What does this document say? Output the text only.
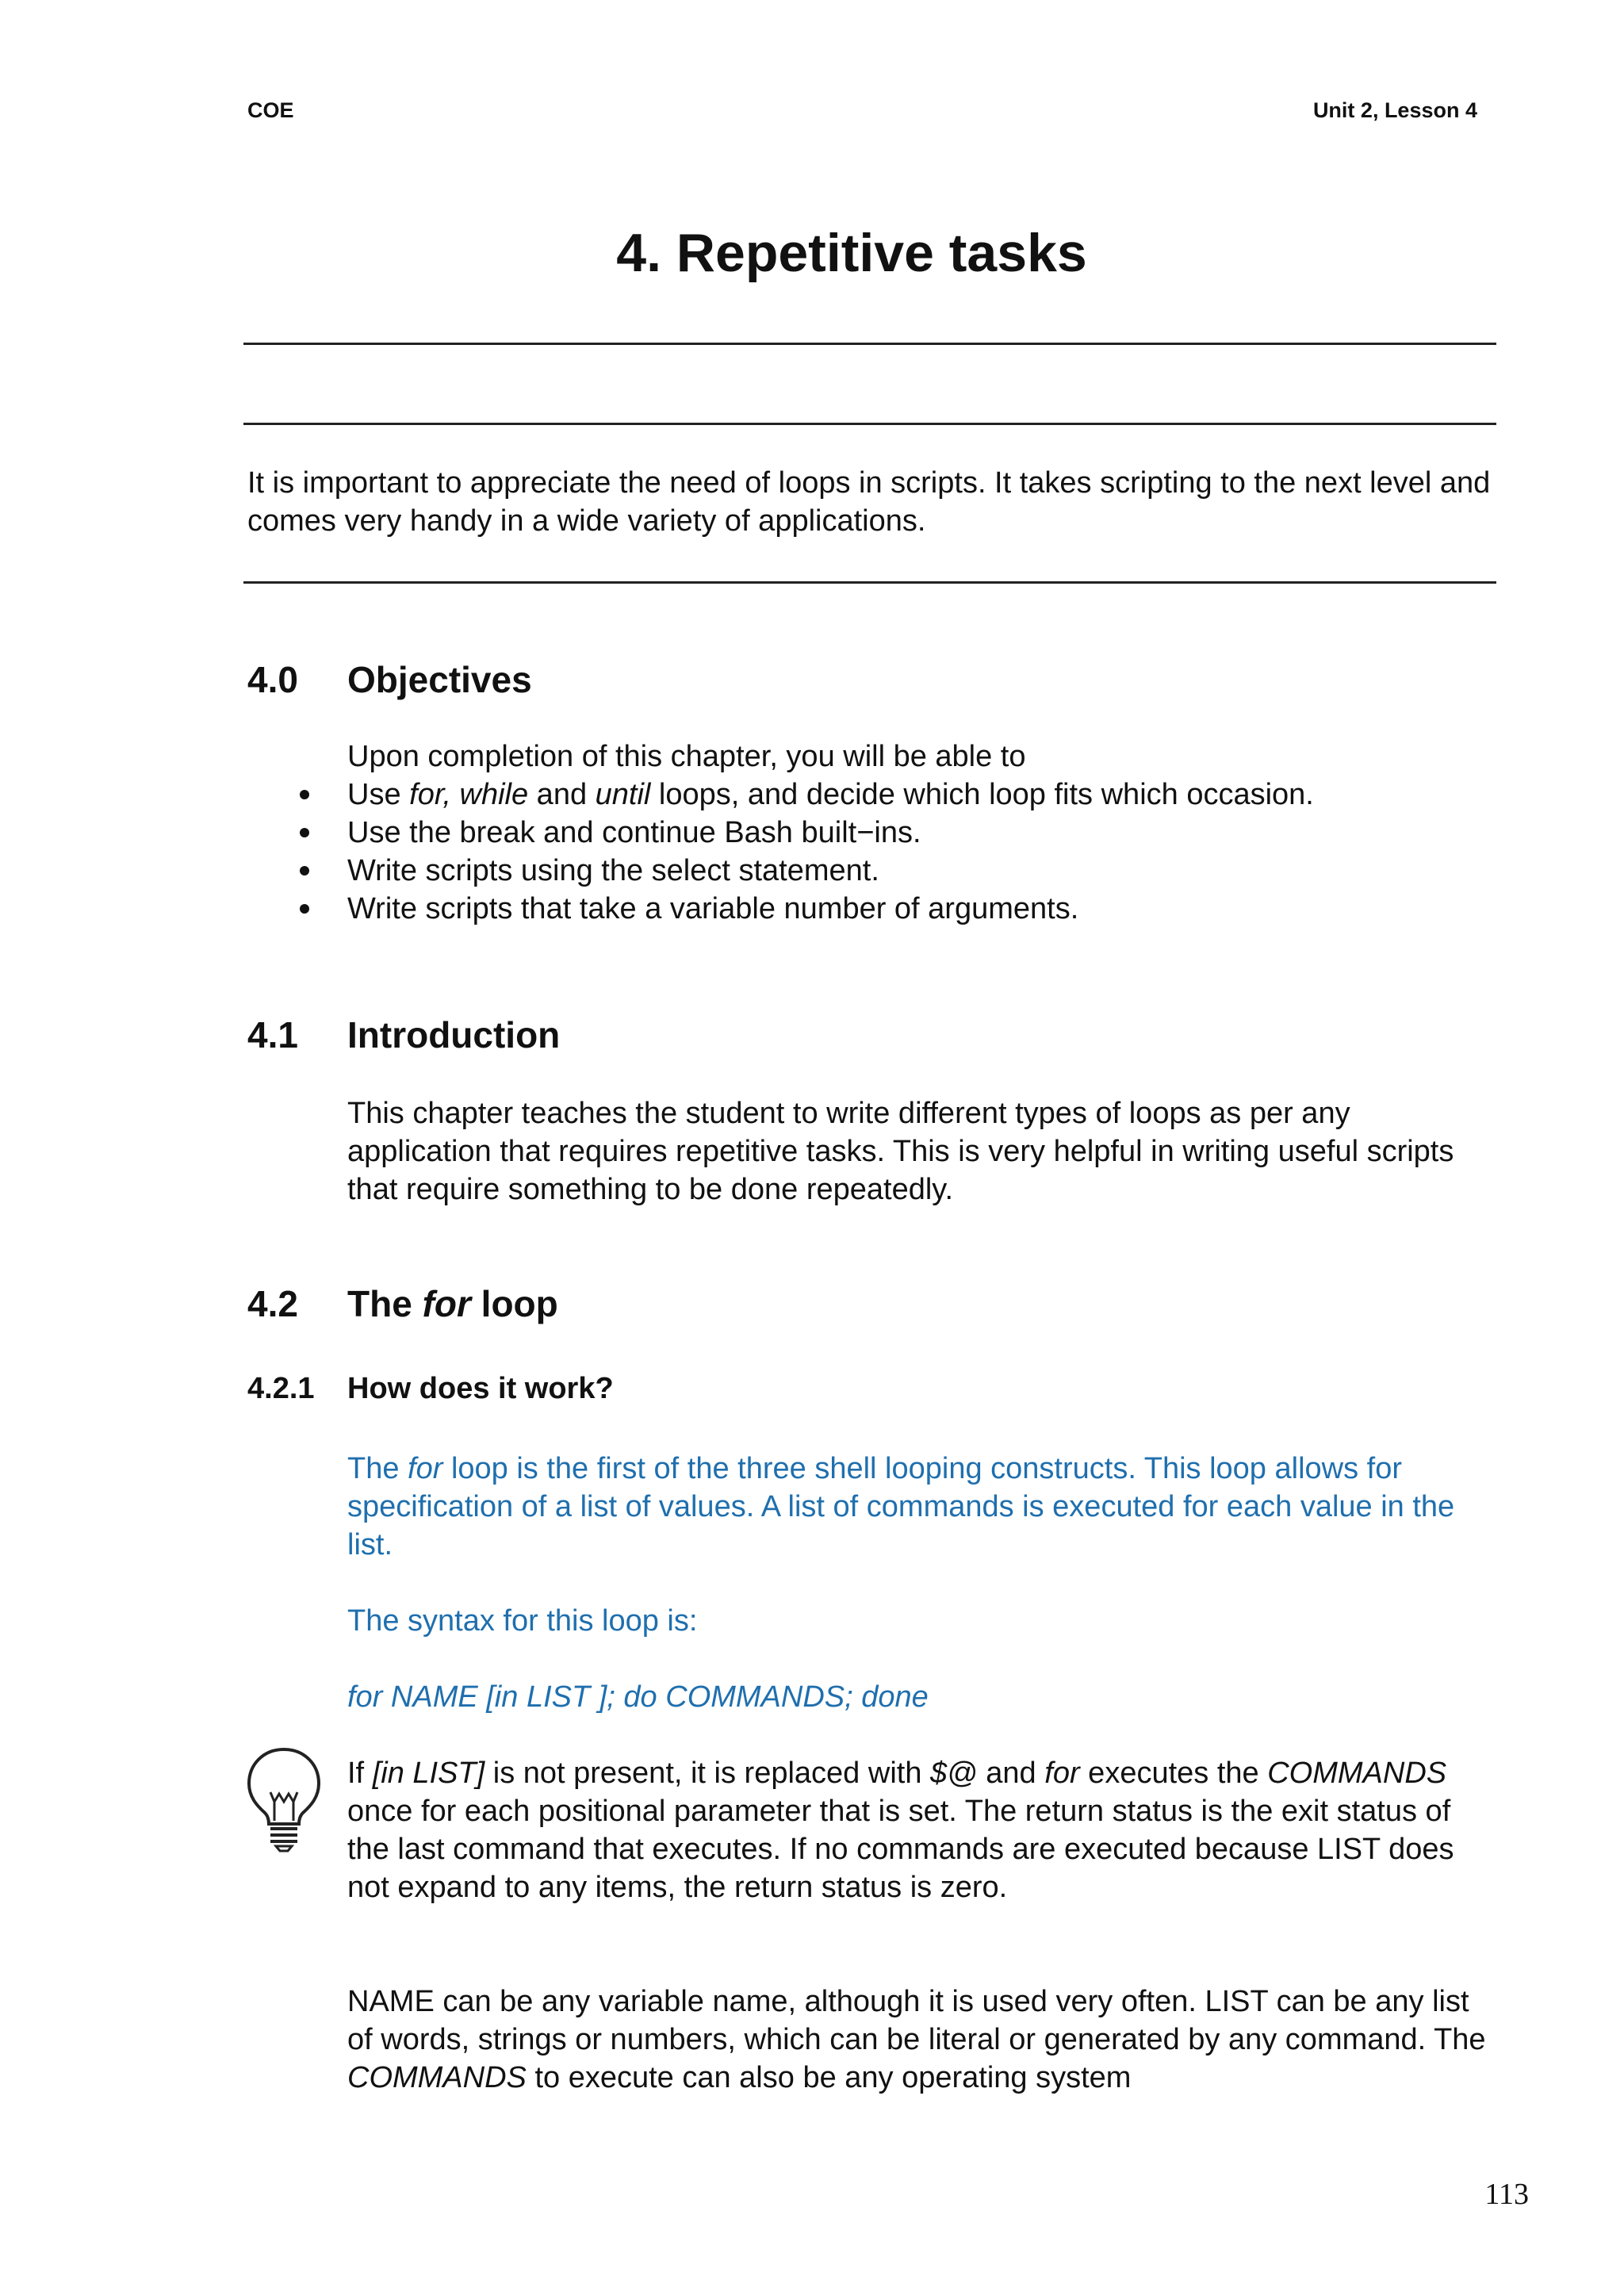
COE	Unit 2, Lesson 4
4. Repetitive tasks
It is important to appreciate the need of loops in scripts. It takes scripting to the next level and comes very handy in a wide variety of applications.
4.0 Objectives
Upon completion of this chapter, you will be able to
Use for, while and until loops, and decide which loop fits which occasion.
Use the break and continue Bash built−ins.
Write scripts using the select statement.
Write scripts that take a variable number of arguments.
4.1 Introduction
This chapter teaches the student to write different types of loops as per any application that requires repetitive tasks. This is very helpful in writing useful scripts that require something to be done repeatedly.
4.2 The for loop
4.2.1 How does it work?
The for loop is the first of the three shell looping constructs. This loop allows for specification of a list of values. A list of commands is executed for each value in the list.
The syntax for this loop is:
for NAME [in LIST ]; do COMMANDS; done
If [in LIST] is not present, it is replaced with $@ and for executes the COMMANDS once for each positional parameter that is set. The return status is the exit status of the last command that executes. If no commands are executed because LIST does not expand to any items, the return status is zero.
NAME can be any variable name, although it is used very often. LIST can be any list of words, strings or numbers, which can be literal or generated by any command. The COMMANDS to execute can also be any operating system
113
